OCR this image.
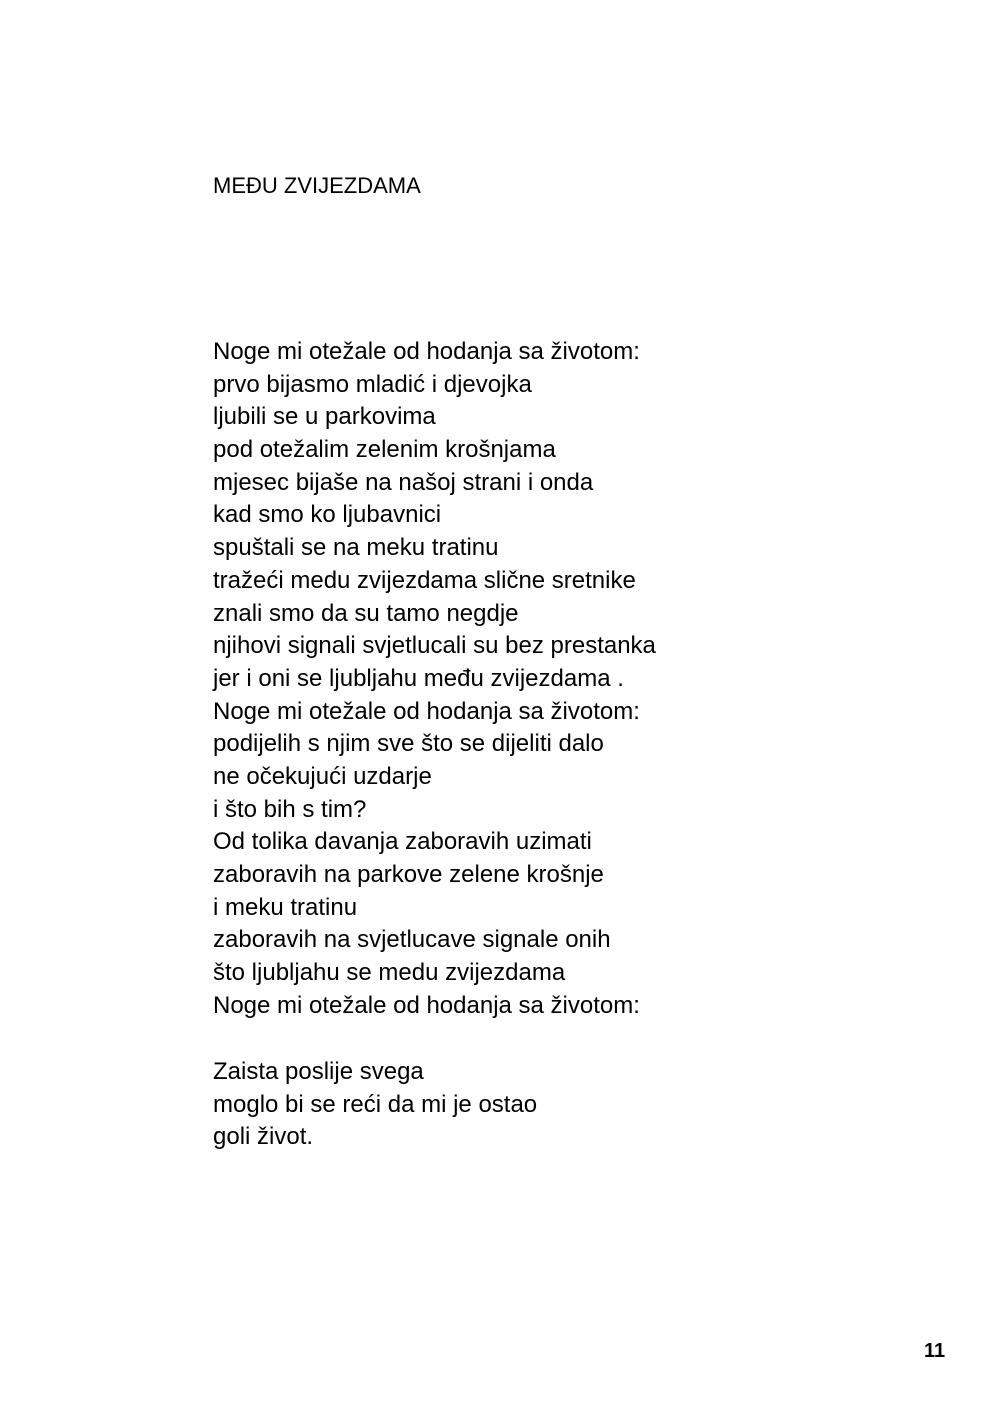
MEĐU ZVIJEZDAMA
Noge mi otežale od hodanja sa životom:
prvo bijasmo mladić i djevojka
ljubili se u parkovima
pod otežalim zelenim krošnjama
mjesec bijaše na našoj strani i onda
kad smo ko ljubavnici
spuštali se na meku tratinu
tražeći medu zvijezdama slične sretnike
znali smo da su tamo negdje
njihovi signali svjetlucali su bez prestanka
jer i oni se ljubljahu među zvijezdama .
Noge mi otežale od hodanja sa životom:
podijelih s njim sve što se dijeliti dalo
ne očekujući uzdarje
i što bih s tim?
Od tolika davanja zaboravih uzimati
zaboravih na parkove zelene krošnje
i meku tratinu
zaboravih na svjetlucave signale onih
što ljubljahu se medu zvijezdama
Noge mi otežale od hodanja sa životom:
Zaista poslije svega
moglo bi se reći da mi je ostao
goli život.
11
